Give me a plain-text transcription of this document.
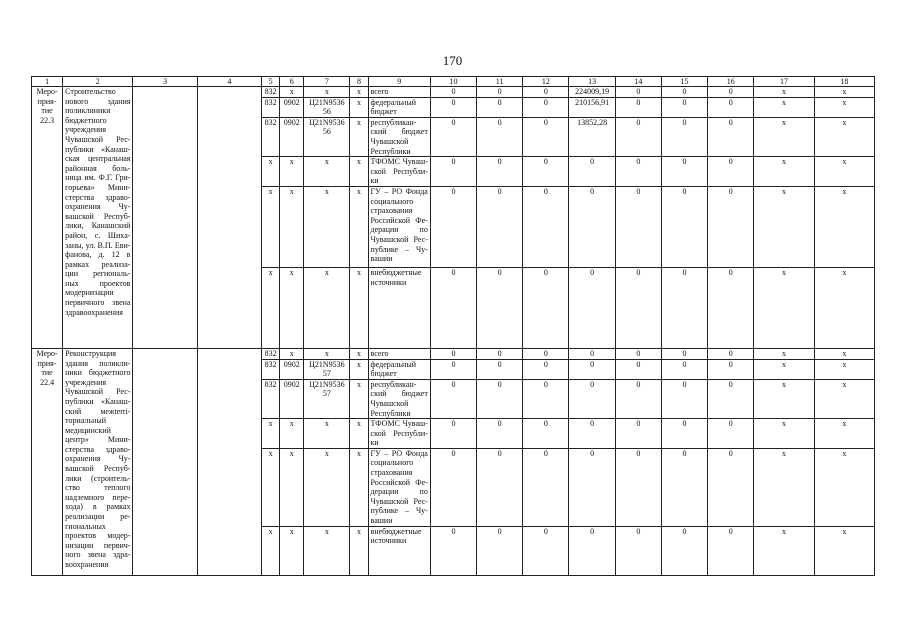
170
1	2	3	4	5	6	7	8	9	10	11	12	13	14	15	16	17	18
Меро-прия-тие 22.3	Строительство нового здания поликлиники бюджетного учреждения Чувашской Рес-публики «Канаш-ская центральная районная боль-ница им. Ф.Г. Гри-горьева» Мини-стерства здраво-охранения Чу-вашской Респуб-лики, Канашский район, с. Шихa-заны, ул. В.П. Еви-фанова, д. 12 в рамках реализа-ции региональ-ных проектов модернизации первичного звена здравоохранения			832	x	x	x	всего	0	0	0	224009,19	0	0	0	x	x
				832	0902	Ц21N9536 56	x	федеральный бюджет	0	0	0	210156,91	0	0	0	x	x
				832	0902	Ц21N9536 56	x	республикан-ский бюджет Чувашской Республики	0	0	0	13852,28	0	0	0	x	x
				x	x	x	x	ТФОМС Чуваш-ской Республи-ки	0	0	0	0	0	0	0	x	x
				x	x	x	x	ГУ – РО Фонда социального страхования Российской Фе-дерации по Чувашской Рес-публике – Чу-вашии	0	0	0	0	0	0	0	x	x
				x	x	x	x	внебюджетные источники	0	0	0	0	0	0	0	x	x
Меро-прия-тие 22.4	Реконструкция здания поликли-ники бюджетного учреждения Чувашской Рес-публики «Канаш-ский межterri-ториальный медицинский центр» Мини-стерства здраво-охранения Чу-вашской Респуб-лики (строитель-ство теплого надземного пере-хода) в рамках реализации ре-гиональных проектов модер-низации первич-ного звена здра-воохранения			832	x	x	x	всего	0	0	0	0	0	0	0	x	x
				832	0902	Ц21N9536 57	x	федеральный бюджет	0	0	0	0	0	0	0	x	x
				832	0902	Ц21N9536 57	x	республикан-ский бюджет Чувашской Республики	0	0	0	0	0	0	0	x	x
				x	x	x	x	ТФОМС Чуваш-ской Республи-ки	0	0	0	0	0	0	0	x	x
				x	x	x	x	ГУ – РО Фонда социального страхования Российской Фе-дерации по Чувашской Рес-публике – Чу-вашии	0	0	0	0	0	0	0	x	x
				x	x	x	x	внебюджетные источники	0	0	0	0	0	0	0	x	x
